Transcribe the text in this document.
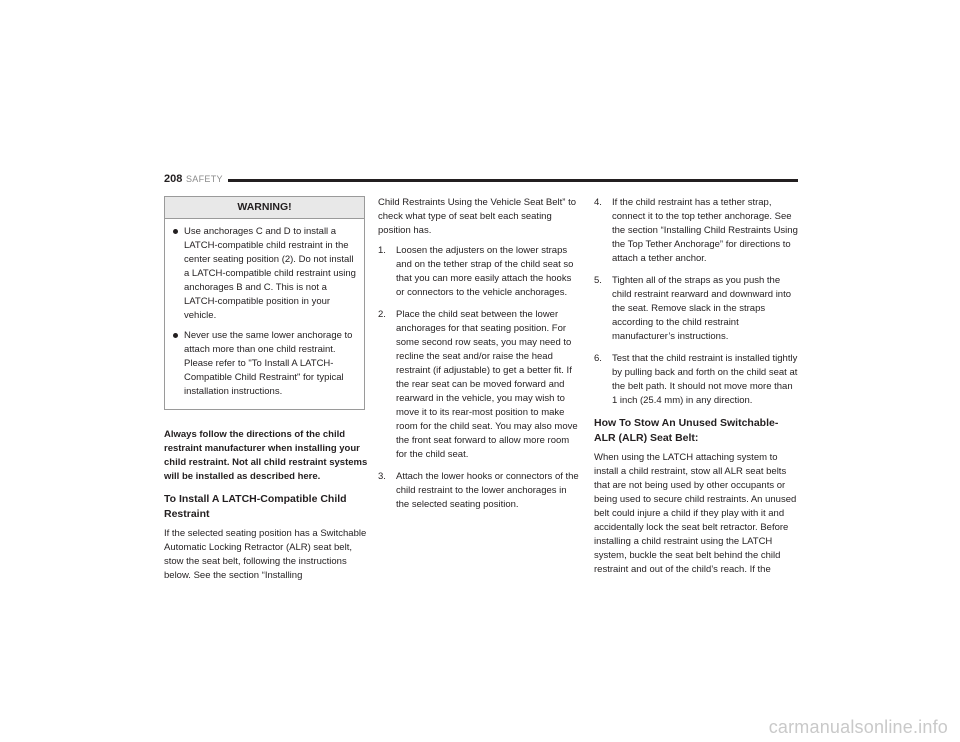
208 SAFETY
WARNING!
Use anchorages C and D to install a LATCH-compatible child restraint in the center seating position (2). Do not install a LATCH-compatible child restraint using anchorages B and C. This is not a LATCH-compatible position in your vehicle.
Never use the same lower anchorage to attach more than one child restraint. Please refer to "To Install A LATCH-Compatible Child Restraint" for typical installation instructions.

Always follow the directions of the child restraint manufacturer when installing your child restraint. Not all child restraint systems will be installed as described here.

To Install A LATCH-Compatible Child Restraint

If the selected seating position has a Switchable Automatic Locking Retractor (ALR) seat belt, stow the seat belt, following the instructions below. See the section “Installing

Child Restraints Using the Vehicle Seat Belt” to check what type of seat belt each seating position has.

1. Loosen the adjusters on the lower straps and on the tether strap of the child seat so that you can more easily attach the hooks or connectors to the vehicle anchorages.
2. Place the child seat between the lower anchorages for that seating position. For some second row seats, you may need to recline the seat and/or raise the head restraint (if adjustable) to get a better fit. If the rear seat can be moved forward and rearward in the vehicle, you may wish to move it to its rear-most position to make room for the child seat. You may also move the front seat forward to allow more room for the child seat.
3. Attach the lower hooks or connectors of the child restraint to the lower anchorages in the selected seating position.
4. If the child restraint has a tether strap, connect it to the top tether anchorage. See the section “Installing Child Restraints Using the Top Tether Anchorage” for directions to attach a tether anchor.
5. Tighten all of the straps as you push the child restraint rearward and downward into the seat. Remove slack in the straps according to the child restraint manufacturer’s instructions.
6. Test that the child restraint is installed tightly by pulling back and forth on the child seat at the belt path. It should not move more than 1 inch (25.4 mm) in any direction.
How To Stow An Unused Switchable-ALR (ALR) Seat Belt:

When using the LATCH attaching system to install a child restraint, stow all ALR seat belts that are not being used by other occupants or being used to secure child restraints. An unused belt could injure a child if they play with it and accidentally lock the seat belt retractor. Before installing a child restraint using the LATCH system, buckle the seat belt behind the child restraint and out of the child’s reach. If the

carmanualsonline.info
